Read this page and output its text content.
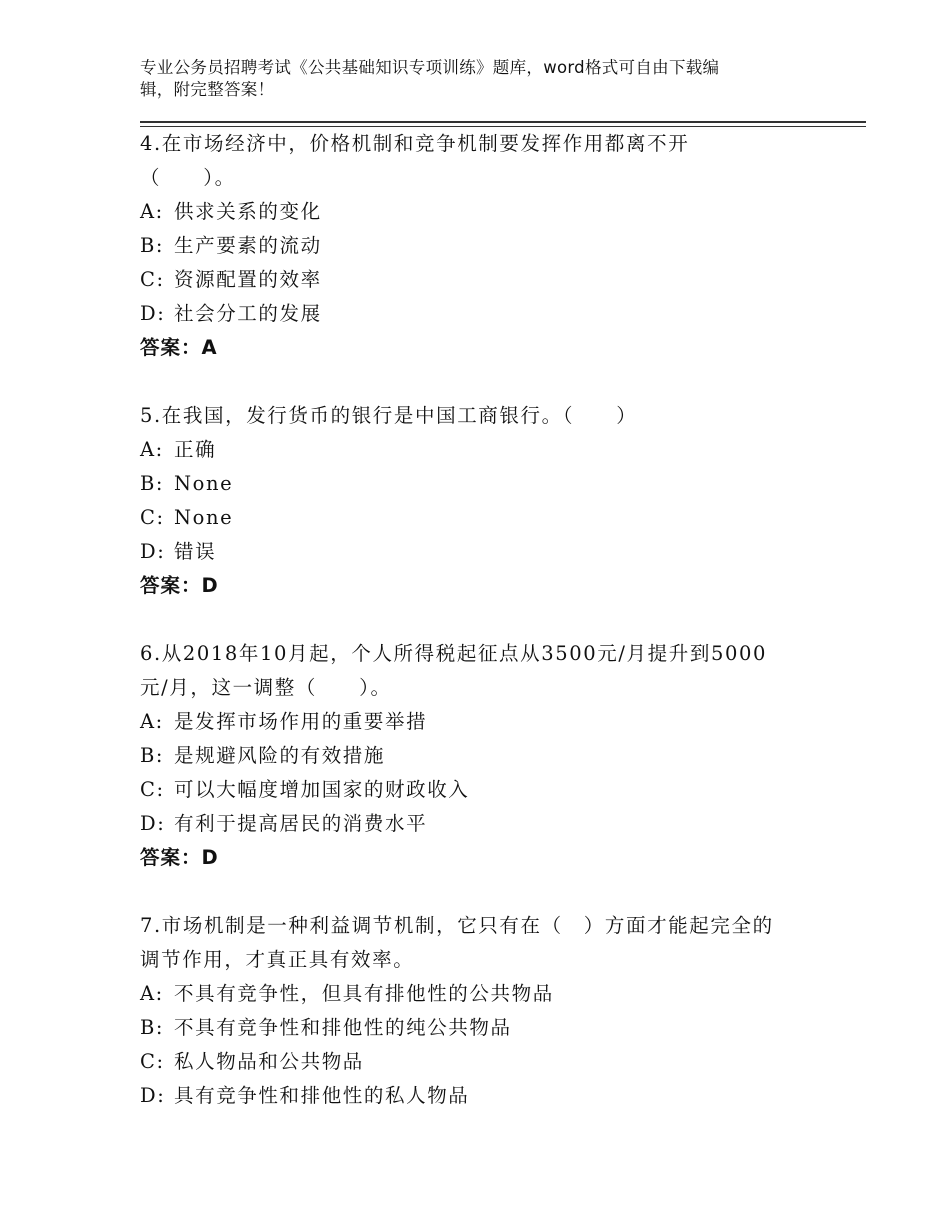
专业公务员招聘考试《公共基础知识专项训练》题库，word格式可自由下载编
辑，附完整答案！
4.在市场经济中，价格机制和竞争机制要发挥作用都离不开
（　　）。
A: 供求关系的变化
B: 生产要素的流动
C: 资源配置的效率
D: 社会分工的发展
答案：A
5.在我国，发行货币的银行是中国工商银行。（　　）
A: 正确
B: None
C: None
D: 错误
答案：D
6.从2018年10月起，个人所得税起征点从3500元/月提升到5000
元/月，这一调整（　　）。
A: 是发挥市场作用的重要举措
B: 是规避风险的有效措施
C: 可以大幅度增加国家的财政收入
D: 有利于提高居民的消费水平
答案：D
7.市场机制是一种利益调节机制，它只有在（　）方面才能起完全的
调节作用，才真正具有效率。
A: 不具有竞争性，但具有排他性的公共物品
B: 不具有竞争性和排他性的纯公共物品
C: 私人物品和公共物品
D: 具有竞争性和排他性的私人物品
